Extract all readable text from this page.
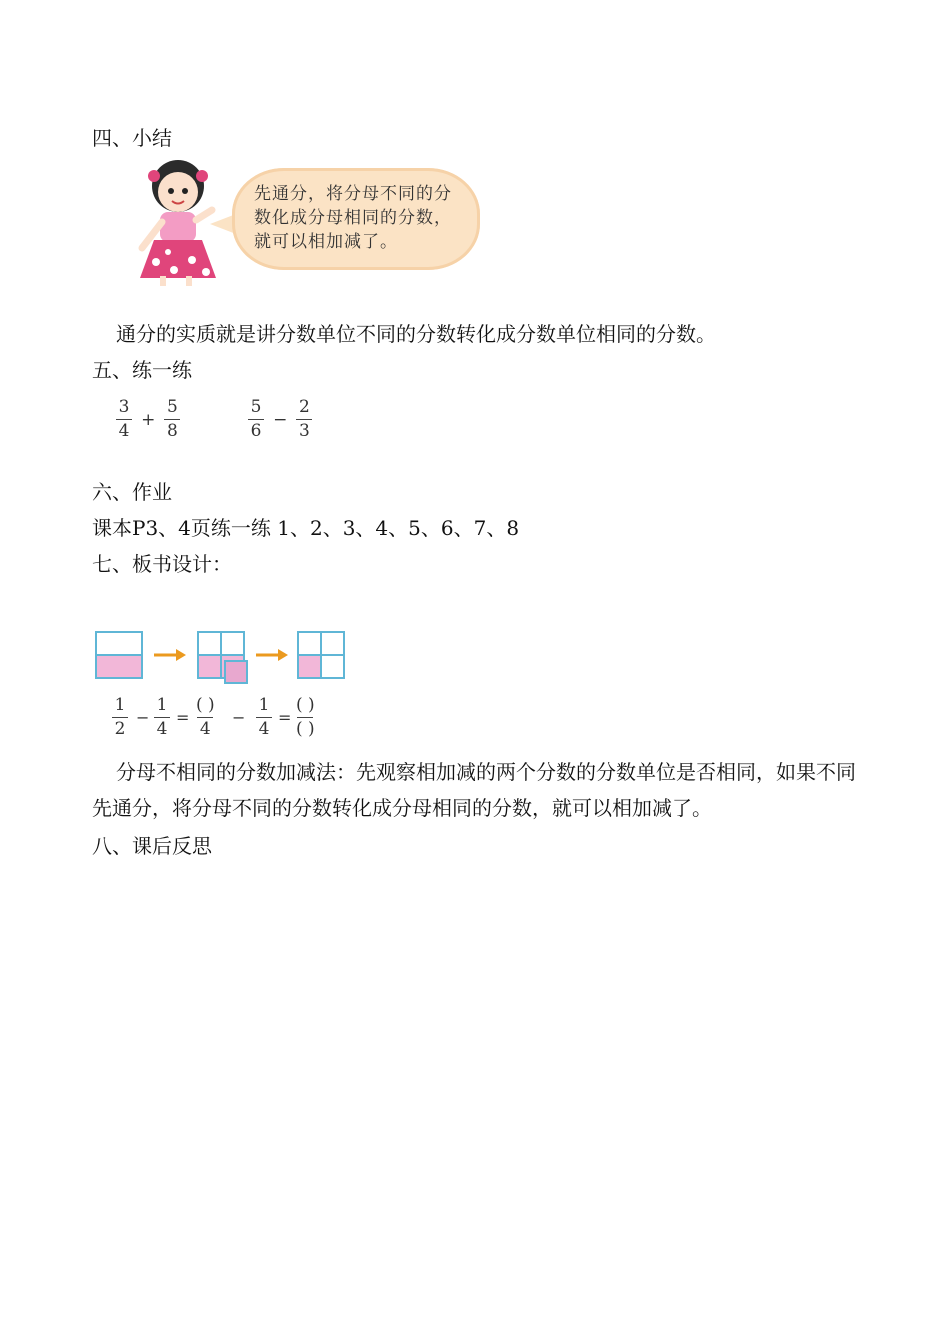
四、小结
先通分，将分母不同的分数化成分母相同的分数，就可以相加减了。
通分的实质就是讲分数单位不同的分数转化成分数单位相同的分数。
五、练一练
$\frac{3}{4} + \frac{5}{8}$	$\frac{5}{6} - \frac{2}{3}$
六、作业
课本P3、4页练一练 1、2、3、4、5、6、7、8
七、板书设计：
1
2
−
1
4
=
( )
4
−
1
4
=
( )
( )
分母不相同的分数加减法：先观察相加减的两个分数的分数单位是否相同，如果不同先通分，将分母不同的分数转化成分母相同的分数，就可以相加减了。
八、课后反思
